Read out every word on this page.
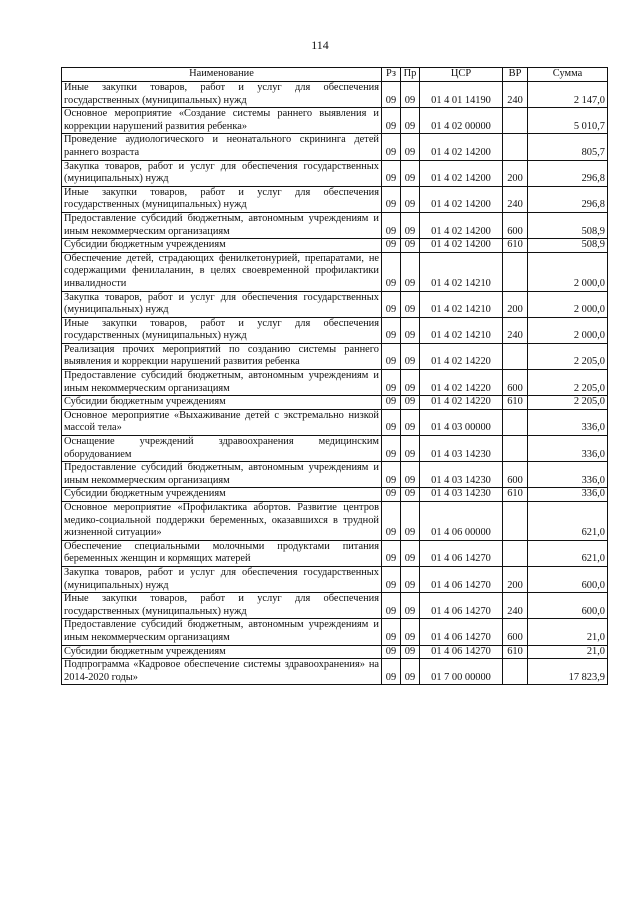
114
Наименование	Рз	Пр	ЦСР	ВР	Сумма
Иные закупки товаров, работ и услуг для обеспечения государственных (муниципальных) нужд	09	09	01 4 01 14190	240	2 147,0
Основное мероприятие «Создание системы раннего выявления и коррекции нарушений развития ребенка»	09	09	01 4 02 00000		5 010,7
Проведение аудиологического и неонатального скрининга детей раннего возраста	09	09	01 4 02 14200		805,7
Закупка товаров, работ и услуг для обеспечения государственных (муниципальных) нужд	09	09	01 4 02 14200	200	296,8
Иные закупки товаров, работ и услуг для обеспечения государственных (муниципальных) нужд	09	09	01 4 02 14200	240	296,8
Предоставление субсидий бюджетным, автономным учреждениям и иным некоммерческим организациям	09	09	01 4 02 14200	600	508,9
Субсидии бюджетным учреждениям	09	09	01 4 02 14200	610	508,9
Обеспечение детей, страдающих фенилкетонурией, препаратами, не содержащими фенилаланин, в целях своевременной профилактики инвалидности	09	09	01 4 02 14210		2 000,0
Закупка товаров, работ и услуг для обеспечения государственных (муниципальных) нужд	09	09	01 4 02 14210	200	2 000,0
Иные закупки товаров, работ и услуг для обеспечения государственных (муниципальных) нужд	09	09	01 4 02 14210	240	2 000,0
Реализация прочих мероприятий по созданию системы раннего выявления и коррекции нарушений развития ребенка	09	09	01 4 02 14220		2 205,0
Предоставление субсидий бюджетным, автономным учреждениям и иным некоммерческим организациям	09	09	01 4 02 14220	600	2 205,0
Субсидии бюджетным учреждениям	09	09	01 4 02 14220	610	2 205,0
Основное мероприятие «Выхаживание детей с экстремально низкой массой тела»	09	09	01 4 03 00000		336,0
Оснащение учреждений здравоохранения медицинским оборудованием	09	09	01 4 03 14230		336,0
Предоставление субсидий бюджетным, автономным учреждениям и иным некоммерческим организациям	09	09	01 4 03 14230	600	336,0
Субсидии бюджетным учреждениям	09	09	01 4 03 14230	610	336,0
Основное мероприятие «Профилактика абортов. Развитие центров медико-социальной поддержки беременных, оказавшихся в трудной жизненной ситуации»	09	09	01 4 06 00000		621,0
Обеспечение специальными молочными продуктами питания беременных женщин и кормящих матерей	09	09	01 4 06 14270		621,0
Закупка товаров, работ и услуг для обеспечения государственных (муниципальных) нужд	09	09	01 4 06 14270	200	600,0
Иные закупки товаров, работ и услуг для обеспечения государственных (муниципальных) нужд	09	09	01 4 06 14270	240	600,0
Предоставление субсидий бюджетным, автономным учреждениям и иным некоммерческим организациям	09	09	01 4 06 14270	600	21,0
Субсидии бюджетным учреждениям	09	09	01 4 06 14270	610	21,0
Подпрограмма «Кадровое обеспечение системы здравоохранения» на 2014-2020 годы»	09	09	01 7 00 00000		17 823,9
